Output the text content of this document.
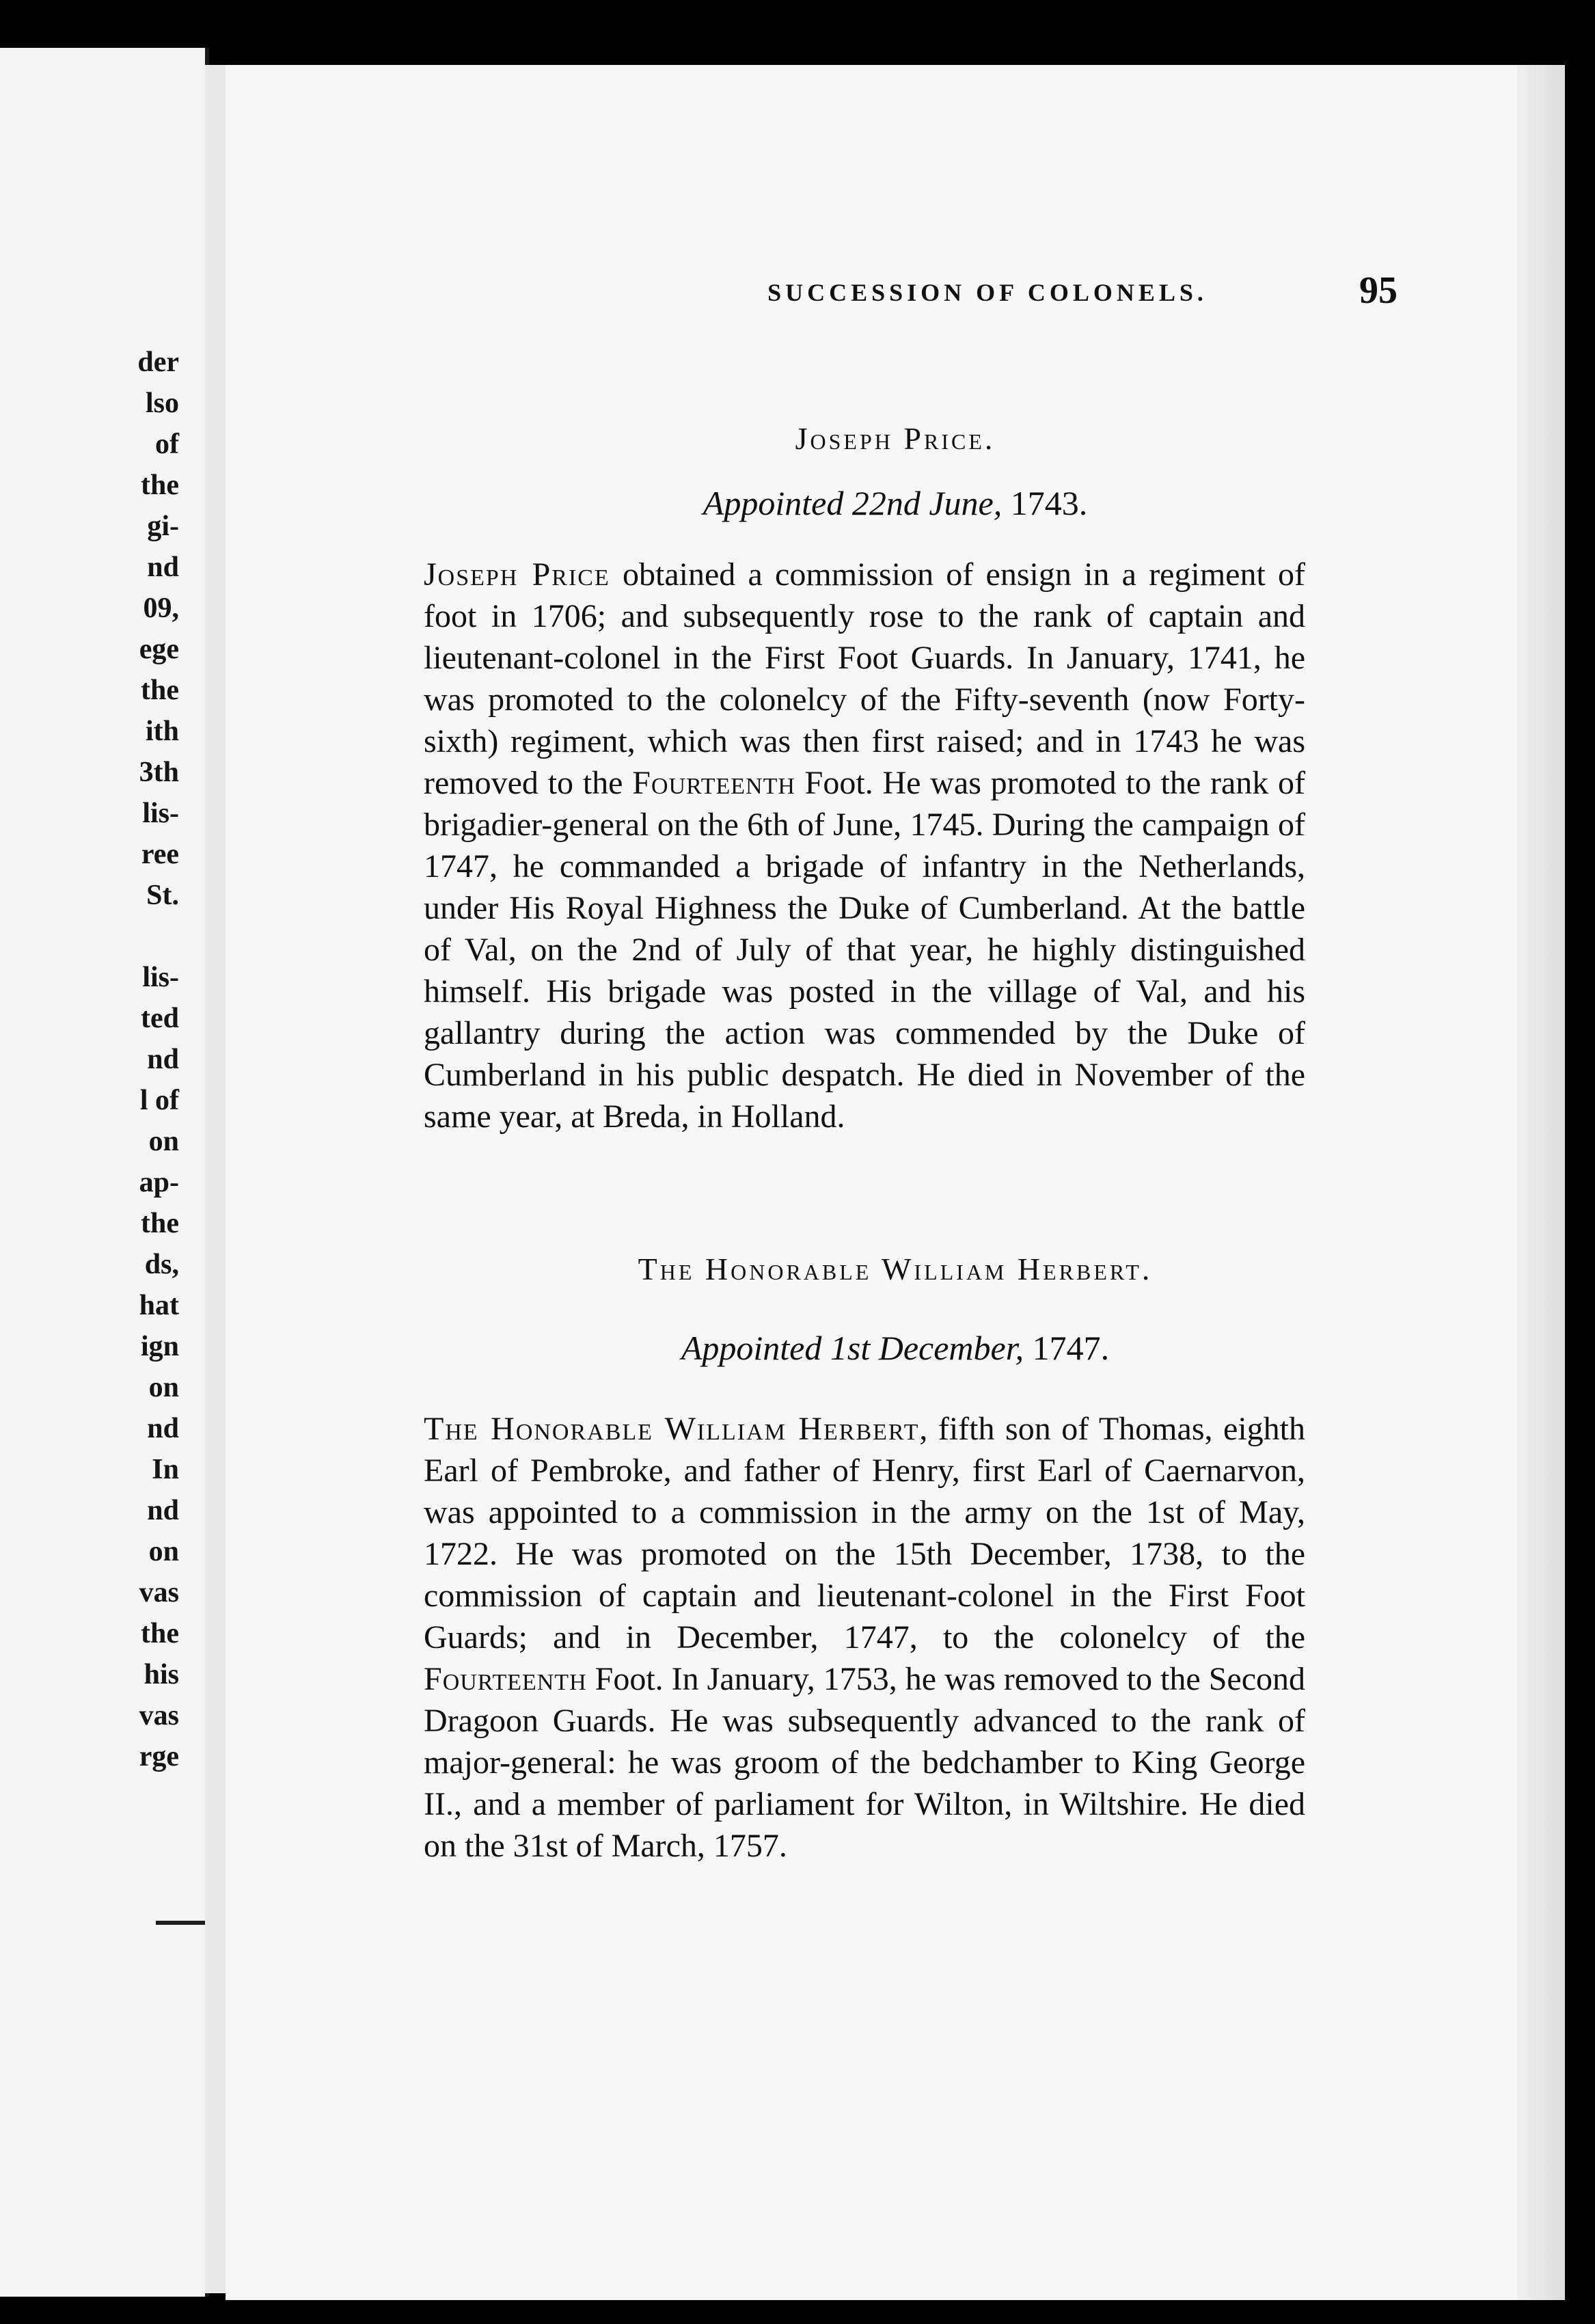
der
lso
of
the
gi-
nd
09,
ege
the
ith
3th
lis-
ree
St.

lis-
ted
nd
l of
on
ap-
the
ds,
hat
ign
on
nd
In
nd
on
vas
the
his
vas
rge
SUCCESSION OF COLONELS.	95
Joseph Price.
Appointed 22nd June, 1743.
Joseph Price obtained a commission of ensign in a regiment of foot in 1706; and subsequently rose to the rank of captain and lieutenant-colonel in the First Foot Guards. In January, 1741, he was promoted to the colonelcy of the Fifty-seventh (now Forty-sixth) regiment, which was then first raised; and in 1743 he was removed to the Fourteenth Foot. He was promoted to the rank of brigadier-general on the 6th of June, 1745. During the campaign of 1747, he commanded a brigade of infantry in the Netherlands, under His Royal Highness the Duke of Cumberland. At the battle of Val, on the 2nd of July of that year, he highly distinguished himself. His brigade was posted in the village of Val, and his gallantry during the action was commended by the Duke of Cumberland in his public despatch. He died in November of the same year, at Breda, in Holland.
The Honorable William Herbert.
Appointed 1st December, 1747.
The Honorable William Herbert, fifth son of Thomas, eighth Earl of Pembroke, and father of Henry, first Earl of Caernarvon, was appointed to a commission in the army on the 1st of May, 1722. He was promoted on the 15th December, 1738, to the commission of captain and lieutenant-colonel in the First Foot Guards; and in December, 1747, to the colonelcy of the Fourteenth Foot. In January, 1753, he was removed to the Second Dragoon Guards. He was subsequently advanced to the rank of major-general: he was groom of the bedchamber to King George II., and a member of parliament for Wilton, in Wiltshire. He died on the 31st of March, 1757.
